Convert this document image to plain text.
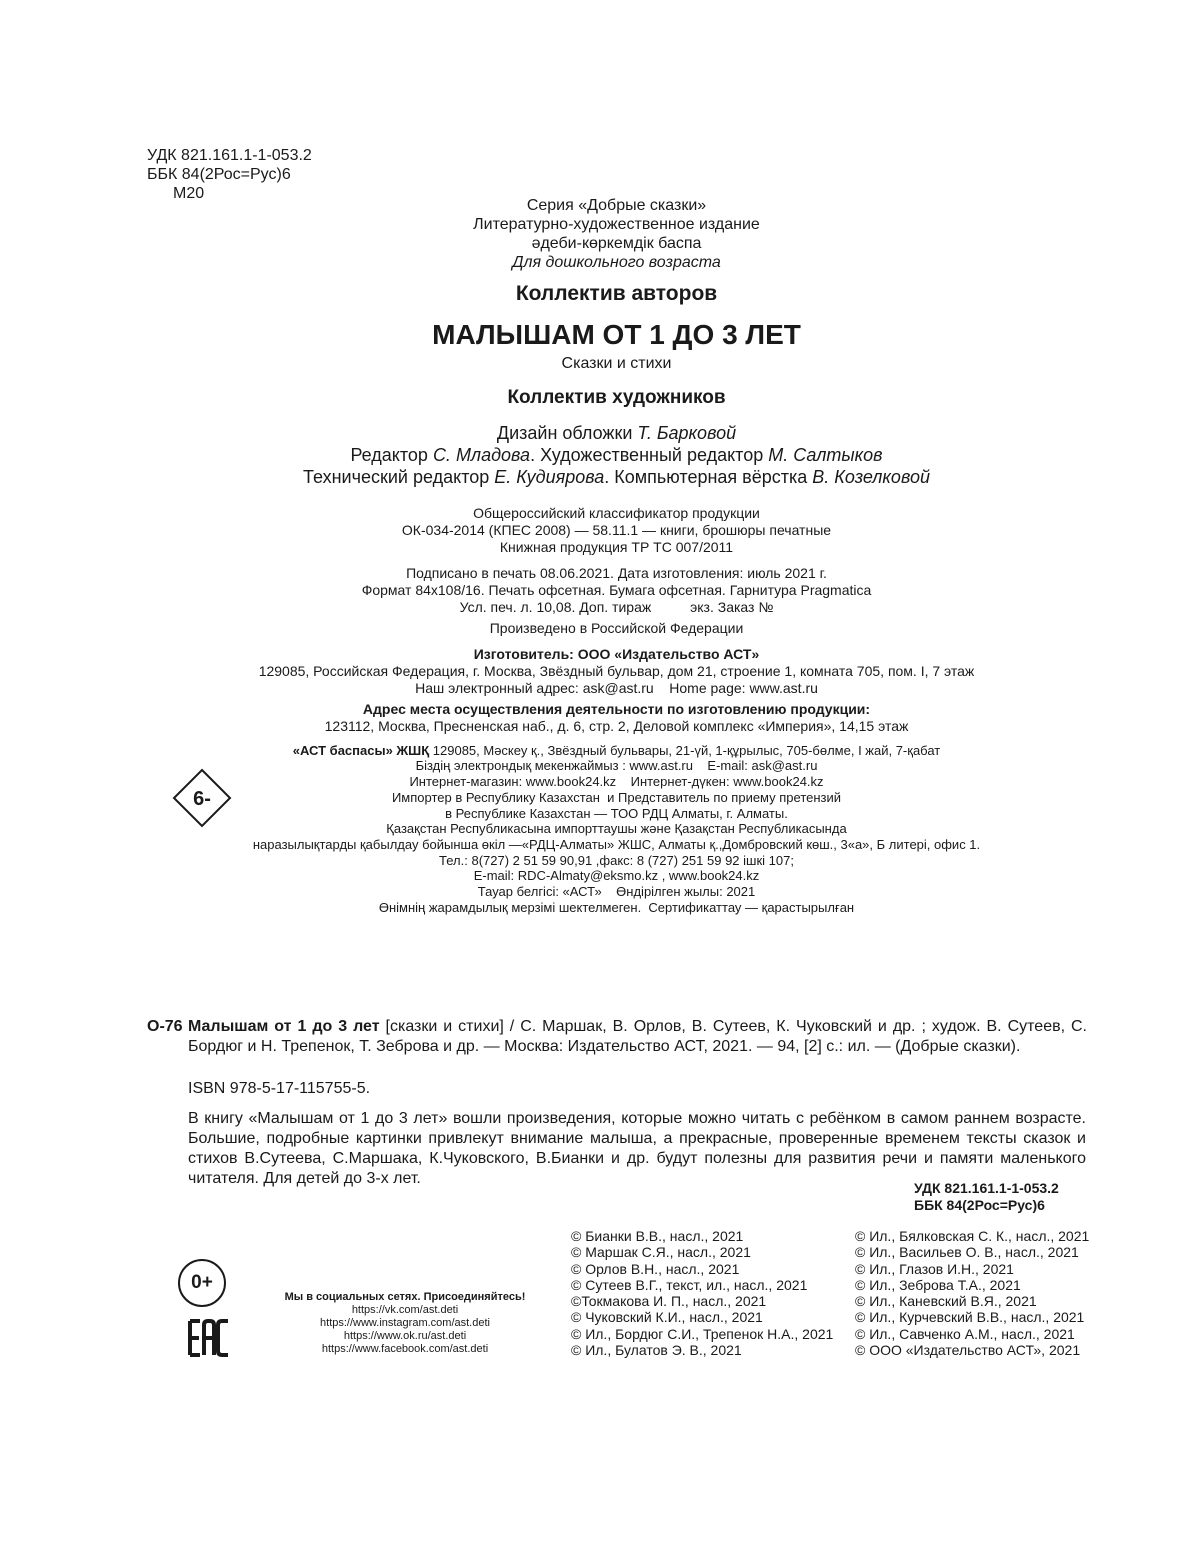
УДК 821.161.1-1-053.2
ББК 84(2Рос=Рус)6
М20
Серия «Добрые сказки»
Литературно-художественное издание
әдеби-көркемдік баспа
Для дошкольного возраста
Коллектив авторов
МАЛЫШАМ ОТ 1 ДО 3 ЛЕТ
Сказки и стихи
Коллектив художников
Дизайн обложки Т. Барковой
Редактор С. Младова. Художественный редактор М. Салтыков
Технический редактор Е. Кудиярова. Компьютерная вёрстка В. Козелковой
Общероссийский классификатор продукции
ОК-034-2014 (КПЕС 2008) — 58.11.1 — книги, брошюры печатные
Книжная продукция ТР ТС 007/2011
Подписано в печать 08.06.2021. Дата изготовления: июль 2021 г.
Формат 84х108/16. Печать офсетная. Бумага офсетная. Гарнитура Pragmatica
Усл. печ. л. 10,08. Доп. тираж          экз. Заказ №
Произведено в Российской Федерации
Изготовитель: ООО «Издательство АСТ»
129085, Российская Федерация, г. Москва, Звёздный бульвар, дом 21, строение 1, комната 705, пом. I, 7 этаж
Наш электронный адрес: ask@ast.ru    Home page: www.ast.ru
Адрес места осуществления деятельности по изготовлению продукции:
123112, Москва, Пресненская наб., д. 6, стр. 2, Деловой комплекс «Империя», 14,15 этаж
«АСТ баспасы» ЖШҚ 129085, Мәскеу қ., Звёздный бульвары, 21-үй, 1-құрылыс, 705-бөлме, I жай, 7-қабат
Біздің электрондық мекенжаймыз : www.ast.ru    E-mail: ask@ast.ru
Интернет-магазин: www.book24.kz    Интернет-дүкен: www.book24.kz
Импортер в Республику Казахстан  и Представитель по приему претензий
в Республике Казахстан — ТОО РДЦ Алматы, г. Алматы.
Қазақстан Республикасына импорттаушы және Қазақстан Республикасында
наразылықтарды қабылдау бойынша өкіл —«РДЦ-Алматы» ЖШС, Алматы қ.,Домбровский көш., 3«а», Б литері, офис 1.
Тел.: 8(727) 2 51 59 90,91 ,факс: 8 (727) 251 59 92 ішкі 107;
E-mail: RDC-Almaty@eksmo.kz , www.book24.kz
Тауар белгісі: «АСТ»    Өндірілген жылы: 2021
Өнімнің жарамдылық мерзімі шектелмеген.  Сертификаттау — қарастырылған
6-
О-76 Малышам от 1 до 3 лет [сказки и стихи] / С. Маршак, В. Орлов, В. Сутеев, К. Чуковский и др. ; худож. В. Сутеев, С. Бордюг и Н. Трепенок, Т. Зеброва и др. — Москва: Издательство АСТ, 2021. — 94, [2] с.: ил. — (Добрые сказки).
ISBN 978-5-17-115755-5.
В книгу «Малышам от 1 до 3 лет» вошли произведения, которые можно читать с ребёнком в самом раннем возрасте. Большие, подробные картинки привлекут внимание малыша, а прекрасные, проверенные временем тексты сказок и стихов В.Сутеева, С.Маршака, К.Чуковского, В.Бианки и др. будут полезны для развития речи и памяти маленького читателя. Для детей до 3-х лет.
УДК 821.161.1-1-053.2
ББК 84(2Рос=Рус)6
0+
Мы в социальных сетях. Присоединяйтесь!
https://vk.com/ast.deti
https://www.instagram.com/ast.deti
https://www.ok.ru/ast.deti
https://www.facebook.com/ast.deti
© Бианки В.В., насл., 2021
© Маршак С.Я., насл., 2021
© Орлов В.Н., насл., 2021
© Сутеев В.Г., текст, ил., насл., 2021
©Токмакова И. П., насл., 2021
© Чуковский К.И., насл., 2021
© Ил., Бордюг С.И., Трепенок Н.А., 2021
© Ил., Булатов Э. В., 2021
© Ил., Бялковская С. К., насл., 2021
© Ил., Васильев О. В., насл., 2021
© Ил., Глазов И.Н., 2021
© Ил., Зеброва Т.А., 2021
© Ил., Каневский В.Я., 2021
© Ил., Курчевский В.В., насл., 2021
© Ил., Савченко А.М., насл., 2021
© ООО «Издательство АСТ», 2021
